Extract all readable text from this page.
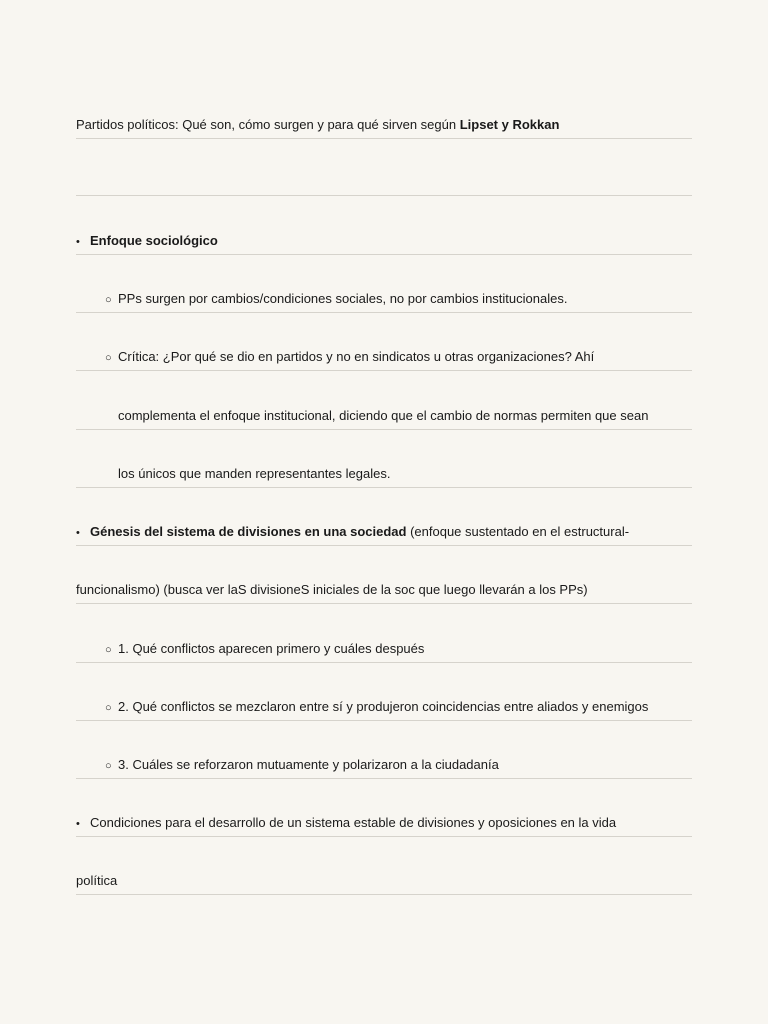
Partidos políticos: Qué son, cómo surgen y para qué sirven según Lipset y Rokkan
• Enfoque sociológico
○ PPs surgen por cambios/condiciones sociales, no por cambios institucionales.
○ Crítica: ¿Por qué se dio en partidos y no en sindicatos u otras organizaciones? Ahí
complementa el enfoque institucional, diciendo que el cambio de normas permiten que sean
los únicos que manden representantes legales.
• Génesis del sistema de divisiones en una sociedad (enfoque sustentado en el estructural-
funcionalismo) (busca ver laS divisioneS iniciales de la soc que luego llevarán a los PPs)
○ 1. Qué conflictos aparecen primero y cuáles después
○ 2. Qué conflictos se mezclaron entre sí y produjeron coincidencias entre aliados y enemigos
○ 3. Cuáles se reforzaron mutuamente y polarizaron a la ciudadanía
• Condiciones para el desarrollo de un sistema estable de divisiones y oposiciones en la vida
política
